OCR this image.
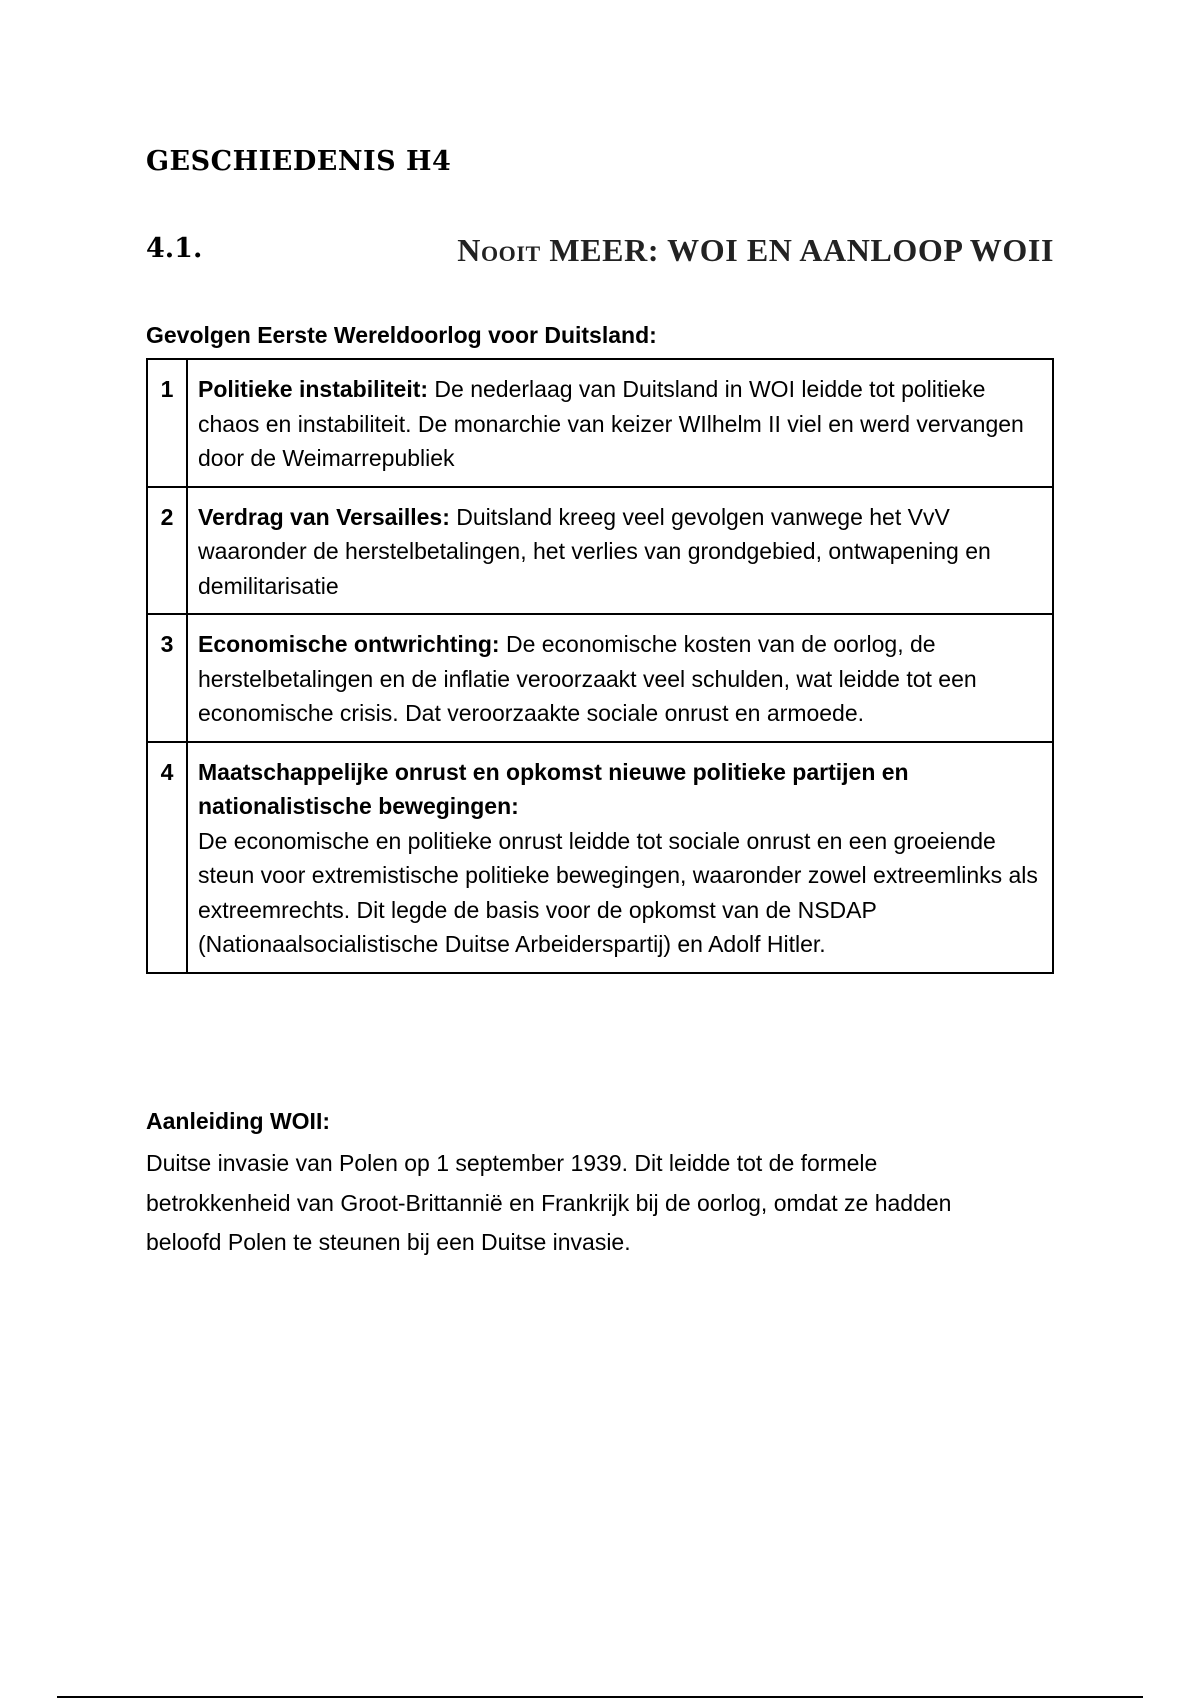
GESCHIEDENIS H4
4.1.	Nooit MEER: WOI EN AANLOOP WOII

Gevolgen Eerste Wereldoorlog voor Duitsland:

1	Politieke instabiliteit: De nederlaag van Duitsland in WOI leidde tot politieke chaos en instabiliteit. De monarchie van keizer WIlhelm II viel en werd vervangen door de Weimarrepubliek
2	Verdrag van Versailles: Duitsland kreeg veel gevolgen vanwege het VvV waaronder de herstelbetalingen, het verlies van grondgebied, ontwapening en demilitarisatie
3	Economische ontwrichting: De economische kosten van de oorlog, de herstelbetalingen en de inflatie veroorzaakt veel schulden, wat leidde tot een economische crisis. Dat veroorzaakte sociale onrust en armoede.
4	Maatschappelijke onrust en opkomst nieuwe politieke partijen en nationalistische bewegingen:
De economische en politieke onrust leidde tot sociale onrust en een groeiende steun voor extremistische politieke bewegingen, waaronder zowel extreemlinks als extreemrechts. Dit legde de basis voor de opkomst van de NSDAP (Nationaalsocialistische Duitse Arbeiderspartij) en Adolf Hitler.

Aanleiding WOII:

Duitse invasie van Polen op 1 september 1939. Dit leidde tot de formele betrokkenheid van Groot-Brittannië en Frankrijk bij de oorlog, omdat ze hadden beloofd Polen te steunen bij een Duitse invasie.
